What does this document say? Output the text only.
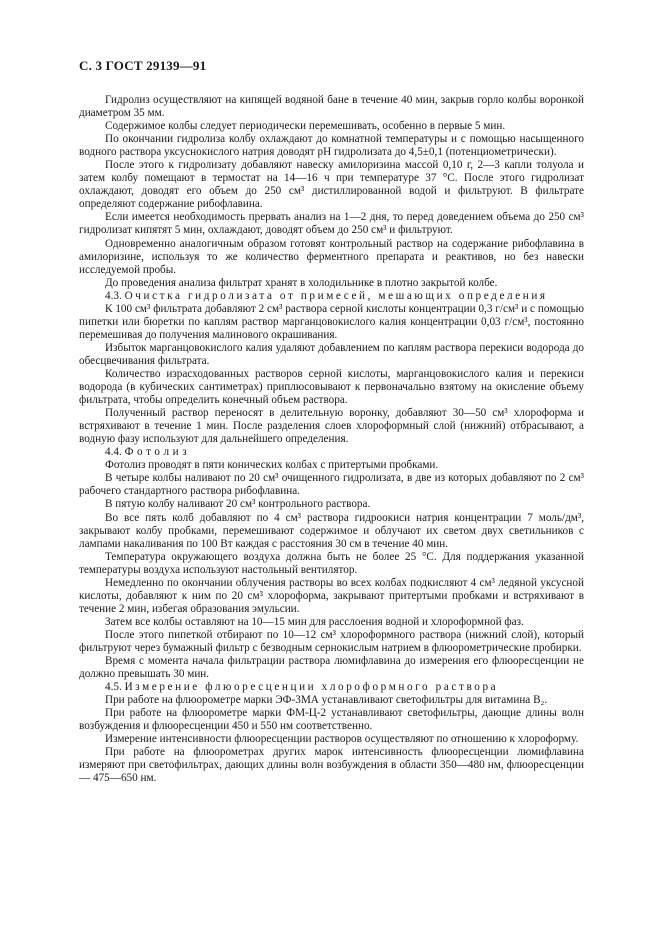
С. 3 ГОСТ 29139—91

Гидролиз осуществляют на кипящей водяной бане в течение 40 мин, закрыв горло колбы воронкой диаметром 35 мм.

Содержимое колбы следует периодически перемешивать, особенно в первые 5 мин.

По окончании гидролиза колбу охлаждают до комнатной температуры и с помощью насыщенного водного раствора уксуснокислого натрия доводят pH гидролизата до 4,5±0,1 (потенциометрически).

После этого к гидролизату добавляют навеску амилоризина массой 0,10 г, 2—3 капли толуола и затем колбу помещают в термостат на 14—16 ч при температуре 37 °С. После этого гидролизат охлаждают, доводят его объем до 250 см³ дистиллированной водой и фильтруют. В фильтрате определяют содержание рибофлавина.

Если имеется необходимость прервать анализ на 1—2 дня, то перед доведением объема до 250 см³ гидролизат кипятят 5 мин, охлаждают, доводят объем до 250 см³ и фильтруют.

Одновременно аналогичным образом готовят контрольный раствор на содержание рибофлавина в амилоризине, используя то же количество ферментного препарата и реактивов, но без навески исследуемой пробы.

До проведения анализа фильтрат хранят в холодильнике в плотно закрытой колбе.

4.3. Очистка гидролизата от примесей, мешающих определения

К 100 см³ фильтрата добавляют 2 см³ раствора серной кислоты концентрации 0,3 г/см³ и с помощью пипетки или бюретки по каплям раствор марганцовокислого калия концентрации 0,03 г/см³, постоянно перемешивая до получения малинового окрашивания.

Избыток марганцовокислого калия удаляют добавлением по каплям раствора перекиси водорода до обесцвечивания фильтрата.

Количество израсходованных растворов серной кислоты, марганцовокислого калия и перекиси водорода (в кубических сантиметрах) приплюсовывают к первоначально взятому на окисление объему фильтрата, чтобы определить конечный объем раствора.

Полученный раствор переносят в делительную воронку, добавляют 30—50 см³ хлороформа и встряхивают в течение 1 мин. После разделения слоев хлороформный слой (нижний) отбрасывают, а водную фазу используют для дальнейшего определения.

4.4. Фотолиз

Фотолиз проводят в пяти конических колбах с притертыми пробками.

В четыре колбы наливают по 20 см³ очищенного гидролизата, в две из которых добавляют по 2 см³ рабочего стандартного раствора рибофлавина.

В пятую колбу наливают 20 см³ контрольного раствора.

Во все пять колб добавляют по 4 см³ раствора гидроокиси натрия концентрации 7 моль/дм³, закрывают колбу пробками, перемешивают содержимое и облучают их светом двух светильников с лампами накаливания по 100 Вт каждая с расстояния 30 см в течение 40 мин.

Температура окружающего воздуха должна быть не более 25 °С. Для поддержания указанной температуры воздуха используют настольный вентилятор.

Немедленно по окончании облучения растворы во всех колбах подкисляют 4 см³ ледяной уксусной кислоты, добавляют к ним по 20 см³ хлороформа, закрывают притертыми пробками и встряхивают в течение 2 мин, избегая образования эмульсии.

Затем все колбы оставляют на 10—15 мин для расслоения водной и хлороформной фаз.

После этого пипеткой отбирают по 10—12 см³ хлороформного раствора (нижний слой), который фильтруют через бумажный фильтр с безводным сернокислым натрием в флюорометрические пробирки.

Время с момента начала фильтрации раствора люмифлавина до измерения его флюоресценции не должно превышать 30 мин.

4.5. Измерение флюоресценции хлороформного раствора

При работе на флюорометре марки ЭФ-3МА устанавливают светофильтры для витамина B₂.

При работе на флюорометре марки ФМ-Ц-2 устанавливают светофильтры, дающие длины волн возбуждения и флюоресценции 450 и 550 нм соответственно.

Измерение интенсивности флюоресценции растворов осуществляют по отношению к хлороформу.

При работе на флюорометрах других марок интенсивность флюоресценции люмифлавина измеряют при светофильтрах, дающих длины волн возбуждения в области 350—480 нм, флюоресценции — 475—650 нм.
